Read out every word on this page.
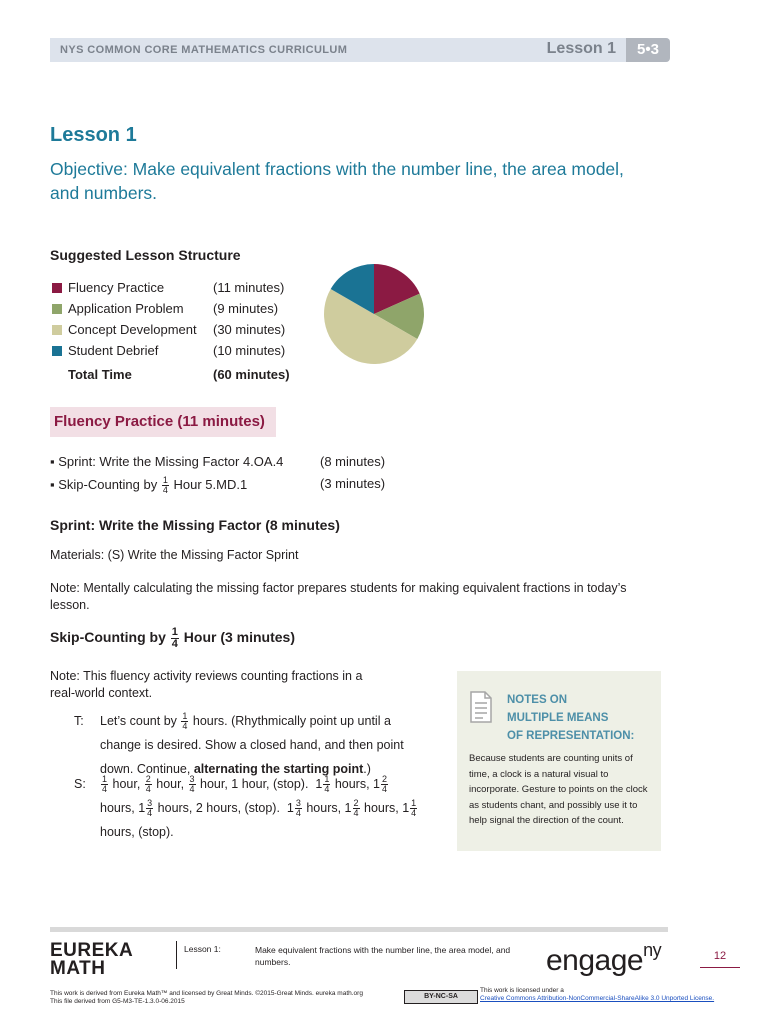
NYS COMMON CORE MATHEMATICS CURRICULUM	Lesson 1	5•3
Lesson 1
Objective: Make equivalent fractions with the number line, the area model, and numbers.
Suggested Lesson Structure
Fluency Practice	(11 minutes)
Application Problem (9 minutes)
Concept Development (30 minutes)
Student Debrief	(10 minutes)
Total Time	(60 minutes)
Fluency Practice (11 minutes)
▪ Sprint: Write the Missing Factor 4.OA.4	(8 minutes)
▪ Skip-Counting by $\frac{1}{4}$ Hour 5.MD.1	(3 minutes)
Sprint: Write the Missing Factor (8 minutes)
Materials: (S) Write the Missing Factor Sprint
Note: Mentally calculating the missing factor prepares students for making equivalent fractions in today’s lesson.
Skip-Counting by $\frac{1}{4}$ Hour (3 minutes)
Note: This fluency activity reviews counting fractions in a real-world context.
T: Let’s count by $\frac{1}{4}$ hours. (Rhythmically point up until a change is desired. Show a closed hand, and then point down. Continue, alternating the starting point.)
S: $\frac{1}{4}$ hour, $\frac{2}{4}$ hour, $\frac{3}{4}$ hour, 1 hour, (stop).  $1 \frac{1}{4}$ hours, $1 \frac{2}{4}$
hours, $1 \frac{3}{4}$ hours, 2 hours, (stop).  $1 \frac{3}{4}$ hours, $1 \frac{2}{4}$ hours, $1 \frac{1}{4}$
hours, (stop).
NOTES ON
MULTIPLE MEANS
OF REPRESENTATION:
Because students are counting units of time, a clock is a natural visual to incorporate. Gesture to points on the clock as students chant, and possibly use it to help signal the direction of the count.
EUREKA
MATH
Lesson 1:	Make equivalent fractions with the number line, the area model, and numbers.	engage$^{ny}$	12
This work is derived from Eureka Math™ and licensed by Great Minds. ©2015-Great Minds. eureka math.org
This file derived from G5-M3-TE-1.3.0-06.2015
BY-NC-SA
This work is licensed under a
Creative Commons Attribution-NonCommercial-ShareAlike 3.0 Unported License.
